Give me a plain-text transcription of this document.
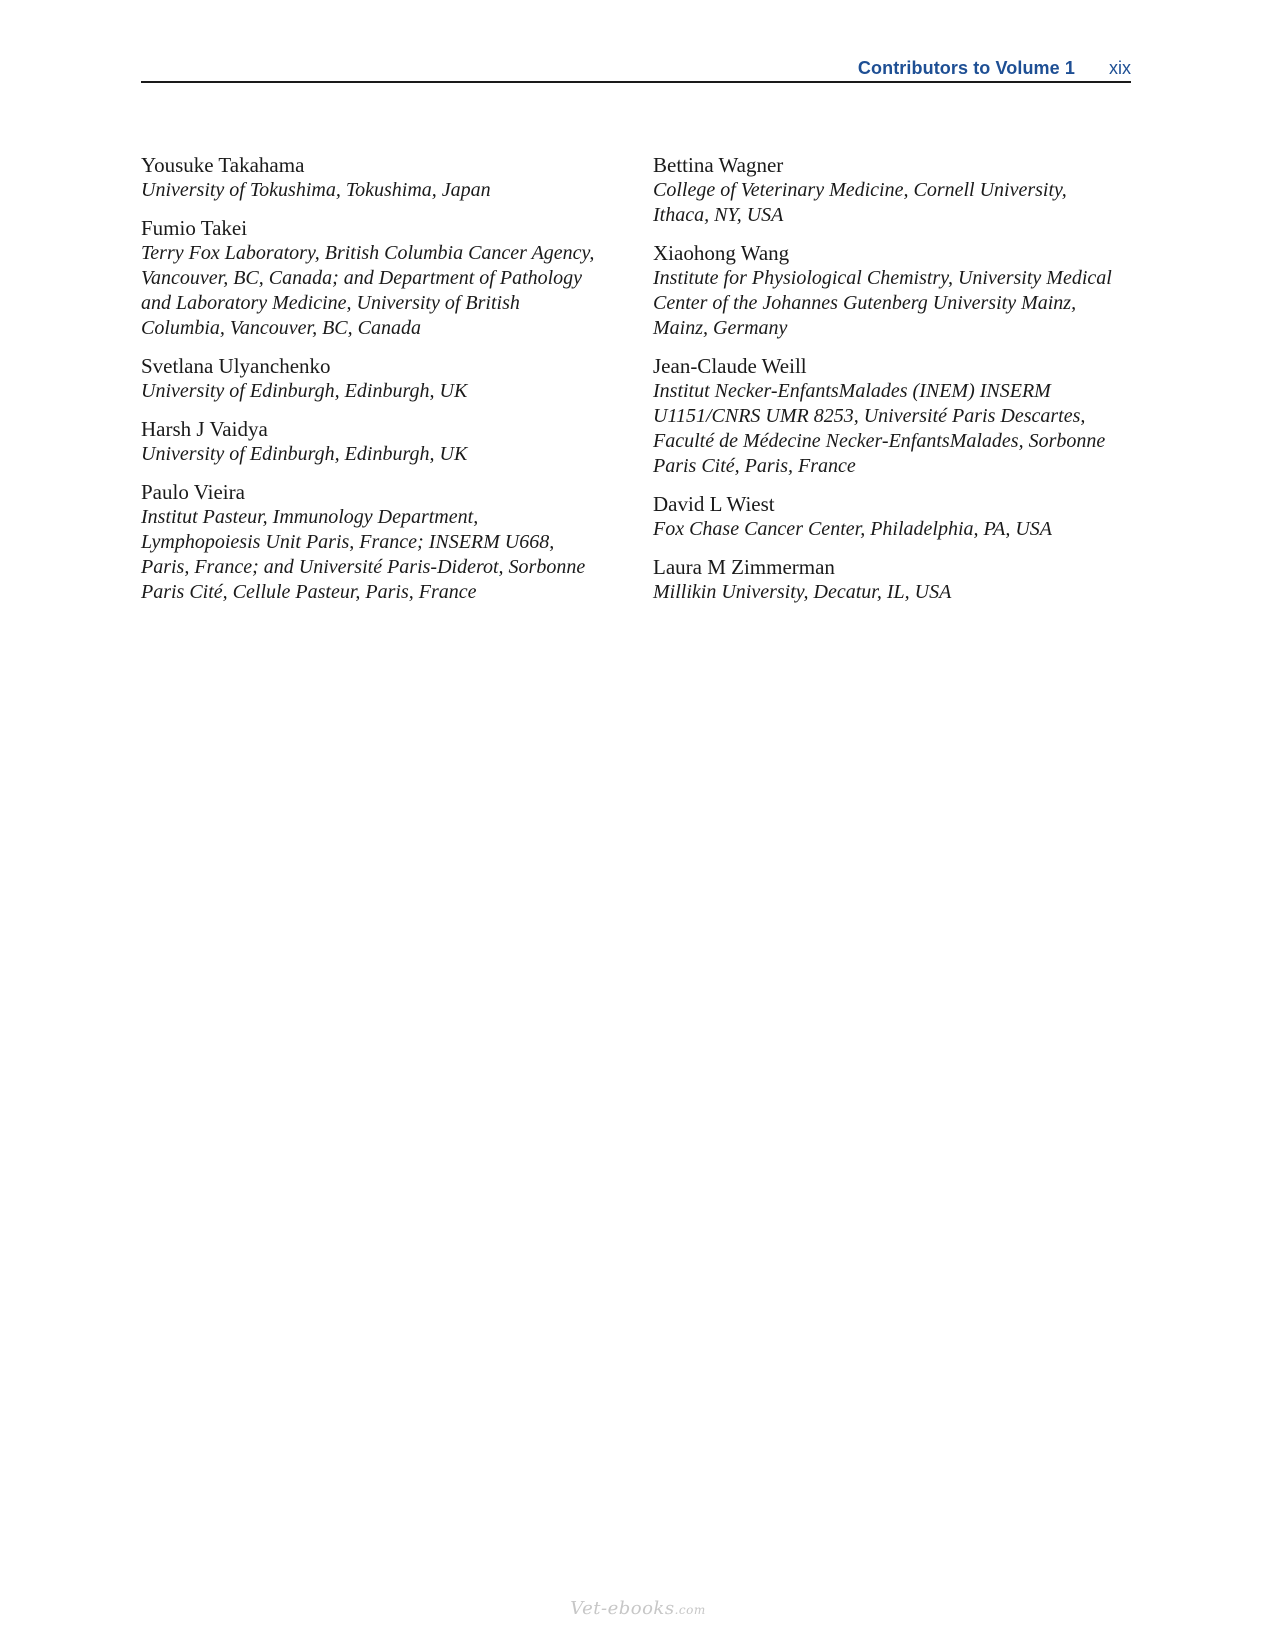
Contributors to Volume 1 xix
Yousuke Takahama
University of Tokushima, Tokushima, Japan
Fumio Takei
Terry Fox Laboratory, British Columbia Cancer Agency,
Vancouver, BC, Canada; and Department of Pathology
and Laboratory Medicine, University of British
Columbia, Vancouver, BC, Canada
Svetlana Ulyanchenko
University of Edinburgh, Edinburgh, UK
Harsh J Vaidya
University of Edinburgh, Edinburgh, UK
Paulo Vieira
Institut Pasteur, Immunology Department,
Lymphopoiesis Unit Paris, France; INSERM U668,
Paris, France; and Université Paris-Diderot, Sorbonne
Paris Cité, Cellule Pasteur, Paris, France
Bettina Wagner
College of Veterinary Medicine, Cornell University,
Ithaca, NY, USA
Xiaohong Wang
Institute for Physiological Chemistry, University Medical
Center of the Johannes Gutenberg University Mainz,
Mainz, Germany
Jean-Claude Weill
Institut Necker-EnfantsMalades (INEM) INSERM
U1151/CNRS UMR 8253, Université Paris Descartes,
Faculté de Médecine Necker-EnfantsMalades, Sorbonne
Paris Cité, Paris, France
David L Wiest
Fox Chase Cancer Center, Philadelphia, PA, USA
Laura M Zimmerman
Millikin University, Decatur, IL, USA
Vet-ebooks.com
